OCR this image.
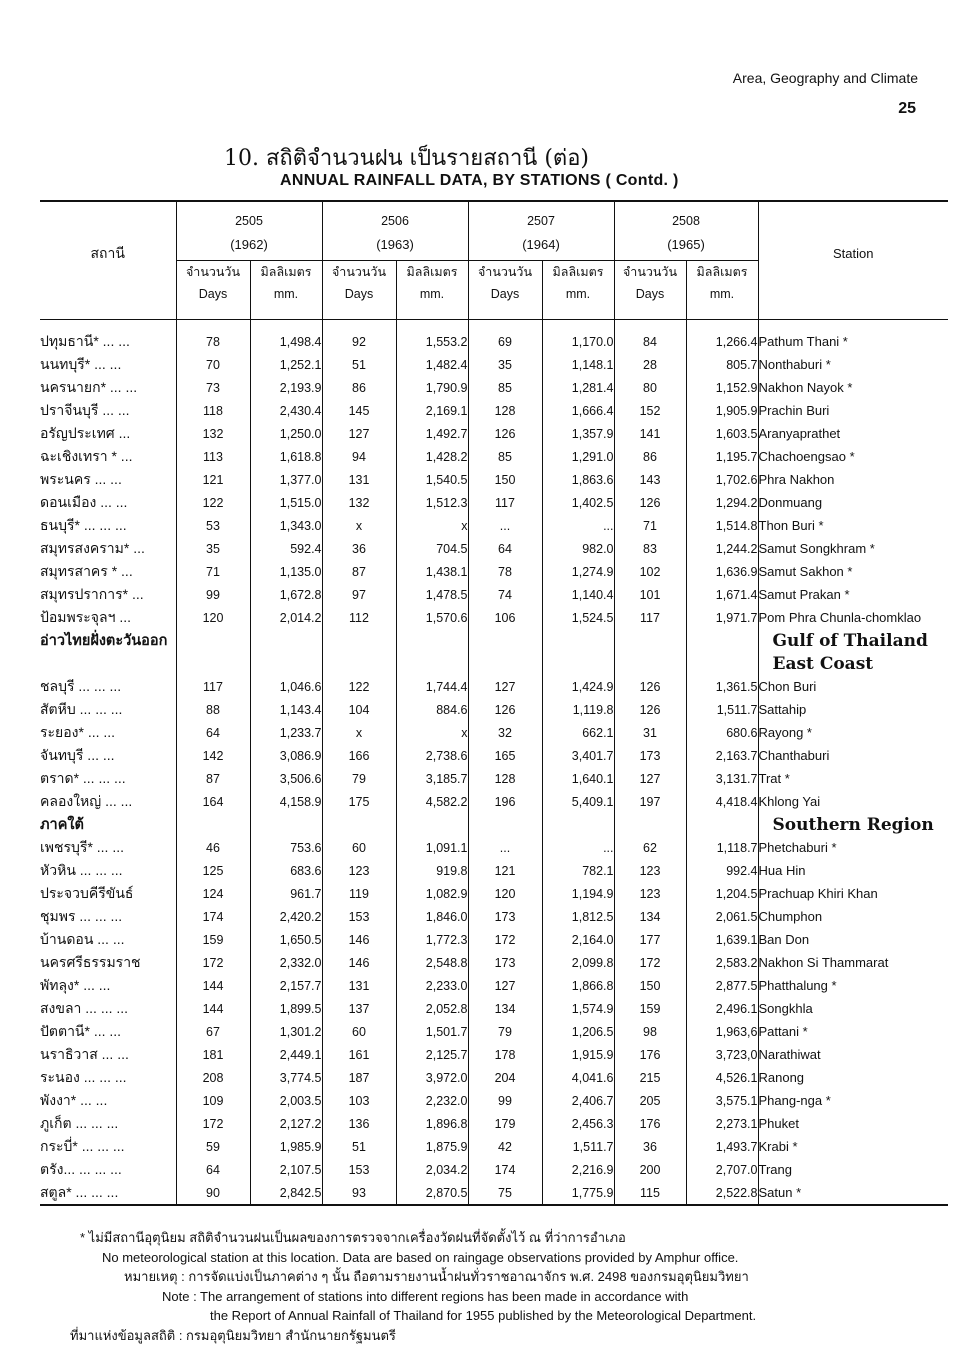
Area, Geography and Climate
25
10. สถิติจำนวนฝน เป็นรายสถานี (ต่อ)
ANNUAL RAINFALL DATA, BY STATIONS ( Contd. )
สถานี	2505		2506		2507		2508		Station
	(1962)		(1963)		(1964)		(1965)		
	จำนวนวัน	มิลลิเมตร	จำนวนวัน	มิลลิเมตร	จำนวนวัน	มิลลิเมตร	จำนวนวัน	มิลลิเมตร	
	Days	mm.	Days	mm.	Days	mm.	Days	mm.	

ปทุมธานี* ... ...	78	1,498.4	92	1,553.2	69	1,170.0	84	1,266.4	Pathum Thani *
นนทบุรี* ... ...	70	1,252.1	51	1,482.4	35	1,148.1	28	805.7	Nonthaburi *
นครนายก* ... ...	73	2,193.9	86	1,790.9	85	1,281.4	80	1,152.9	Nakhon Nayok *
ปราจีนบุรี ... ...	118	2,430.4	145	2,169.1	128	1,666.4	152	1,905.9	Prachin Buri
อรัญประเทศ ...	132	1,250.0	127	1,492.7	126	1,357.9	141	1,603.5	Aranyaprathet
ฉะเชิงเทรา * ...	113	1,618.8	94	1,428.2	85	1,291.0	86	1,195.7	Chachoengsao *
พระนคร ... ...	121	1,377.0	131	1,540.5	150	1,863.6	143	1,702.6	Phra Nakhon
ดอนเมือง ... ...	122	1,515.0	132	1,512.3	117	1,402.5	126	1,294.2	Donmuang
ธนบุรี* ... ... ...	53	1,343.0	x	x	...	...	71	1,514.8	Thon Buri *
สมุทรสงคราม* ...	35	592.4	36	704.5	64	982.0	83	1,244.2	Samut Songkhram *
สมุทรสาคร * ...	71	1,135.0	87	1,438.1	78	1,274.9	102	1,636.9	Samut Sakhon *
สมุทรปราการ* ...	99	1,672.8	97	1,478.5	74	1,140.4	101	1,671.4	Samut Prakan *
ป้อมพระจุลฯ ...	120	2,014.2	112	1,570.6	106	1,524.5	117	1,971.7	Pom Phra Chunla-chomklao
อ่าวไทยฝั่งตะวันออก									Gulf of Thailand
									East Coast
ชลบุรี ... ... ...	117	1,046.6	122	1,744.4	127	1,424.9	126	1,361.5	Chon Buri
สัตหีบ ... ... ...	88	1,143.4	104	884.6	126	1,119.8	126	1,511.7	Sattahip
ระยอง* ... ...	64	1,233.7	x	x	32	662.1	31	680.6	Rayong *
จันทบุรี ... ...	142	3,086.9	166	2,738.6	165	3,401.7	173	2,163.7	Chanthaburi
ตราด* ... ... ...	87	3,506.6	79	3,185.7	128	1,640.1	127	3,131.7	Trat *
คลองใหญ่ ... ...	164	4,158.9	175	4,582.2	196	5,409.1	197	4,418.4	Khlong Yai
ภาคใต้									Southern Region
เพชรบุรี* ... ...	46	753.6	60	1,091.1	...	...	62	1,118.7	Phetchaburi *
หัวหิน ... ... ...	125	683.6	123	919.8	121	782.1	123	992.4	Hua Hin
ประจวบคีรีขันธ์	124	961.7	119	1,082.9	120	1,194.9	123	1,204.5	Prachuap Khiri Khan
ชุมพร ... ... ...	174	2,420.2	153	1,846.0	173	1,812.5	134	2,061.5	Chumphon
บ้านดอน ... ...	159	1,650.5	146	1,772.3	172	2,164.0	177	1,639.1	Ban Don
นครศรีธรรมราช	172	2,332.0	146	2,548.8	173	2,099.8	172	2,583.2	Nakhon Si Thammarat
พัทลุง* ... ...	144	2,157.7	131	2,233.0	127	1,866.8	150	2,877.5	Phatthalung *
สงขลา ... ... ...	144	1,899.5	137	2,052.8	134	1,574.9	159	2,496.1	Songkhla
ปัตตานี* ... ...	67	1,301.2	60	1,501.7	79	1,206.5	98	1,963,6	Pattani *
นราธิวาส ... ...	181	2,449.1	161	2,125.7	178	1,915.9	176	3,723,0	Narathiwat
ระนอง ... ... ...	208	3,774.5	187	3,972.0	204	4,041.6	215	4,526.1	Ranong
พังงา* ... ...	109	2,003.5	103	2,232.0	99	2,406.7	205	3,575.1	Phang-nga *
ภูเก็ต ... ... ...	172	2,127.2	136	1,896.8	179	2,456.3	176	2,273.1	Phuket
กระบี่* ... ... ...	59	1,985.9	51	1,875.9	42	1,511.7	36	1,493.7	Krabi *
ตรัง... ... ... ...	64	2,107.5	153	2,034.2	174	2,216.9	200	2,707.0	Trang
สตูล* ... ... ...	90	2,842.5	93	2,870.5	75	1,775.9	115	2,522.8	Satun *
* ไม่มีสถานีอุตุนิยม สถิติจำนวนฝนเป็นผลของการตรวจจากเครื่องวัดฝนที่จัดตั้งไว้ ณ ที่ว่าการอำเภอ
No meteorological station at this location. Data are based on raingage observations provided by Amphur office.
หมายเหตุ : การจัดแบ่งเป็นภาคต่าง ๆ นั้น ถือตามรายงานน้ำฝนทั่วราชอาณาจักร พ.ศ. 2498 ของกรมอุตุนิยมวิทยา
Note : The arrangement of stations into different regions has been made in accordance with
the Report of Annual Rainfall of Thailand for 1955 published by the Meteorological Department.
ที่มาแห่งข้อมูลสถิติ : กรมอุตุนิยมวิทยา สำนักนายกรัฐมนตรี
